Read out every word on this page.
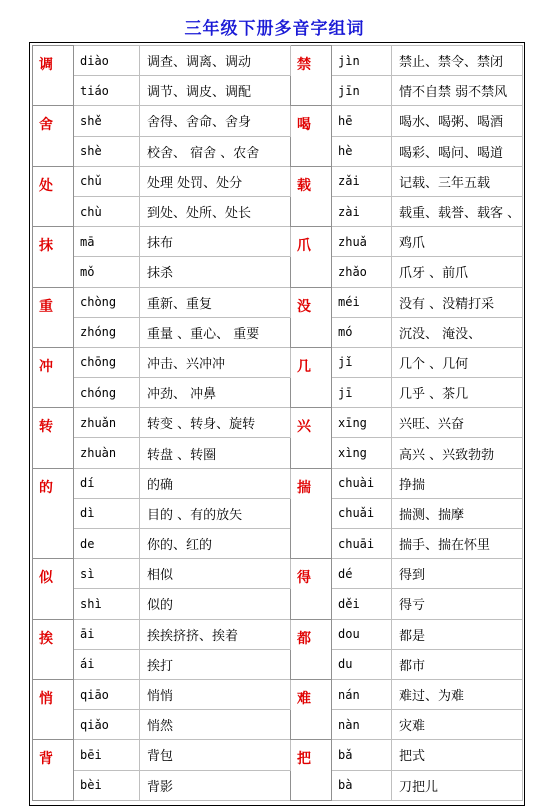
三年级下册多音字组词
调	diào	调查、调离、调动	禁	jìn	禁止、禁令、禁闭
	tiáo	调节、调皮、调配		jīn	情不自禁 弱不禁风
舍	shě	舍得、舍命、舍身	喝	hē	喝水、喝粥、喝酒
	shè	校舍、 宿舍 、农舍		hè	喝彩、喝问、喝道
处	chǔ	处理 处罚、处分	载	zǎi	记载、三年五载
	chù	到处、处所、处长		zài	载重、载誉、载客 、
抹	mā	抹布	爪	zhuǎ	鸡爪
	mǒ	抹杀		zhǎo	爪牙 、前爪
重	chòng	重新、重复	没	méi	没有 、没精打采
	zhóng	重量 、重心、 重要		mó	沉没、 淹没、
冲	chōng	冲击、兴冲冲	几	jǐ	几个 、几何
	chóng	冲劲、 冲鼻		jī	几乎 、茶几
转	zhuǎn	转变 、转身、旋转	兴	xīng	兴旺、兴奋
	zhuàn	转盘 、转圈		xìng	高兴 、兴致勃勃
的	dí	的确	揣	chuài	挣揣
	dì	目的 、有的放矢		chuǎi	揣测、揣摩
	de	你的、红的		chuāi	揣手、揣在怀里
似	sì	相似	得	dé	得到
	shì	似的		děi	得亏
挨	āi	挨挨挤挤、挨着	都	dou	都是
	ái	挨打		du	都市
悄	qiāo	悄悄	难	nán	难过、为难
	qiǎo	悄然		nàn	灾难
背	bēi	背包	把	bǎ	把式
	bèi	背影		bà	刀把儿
